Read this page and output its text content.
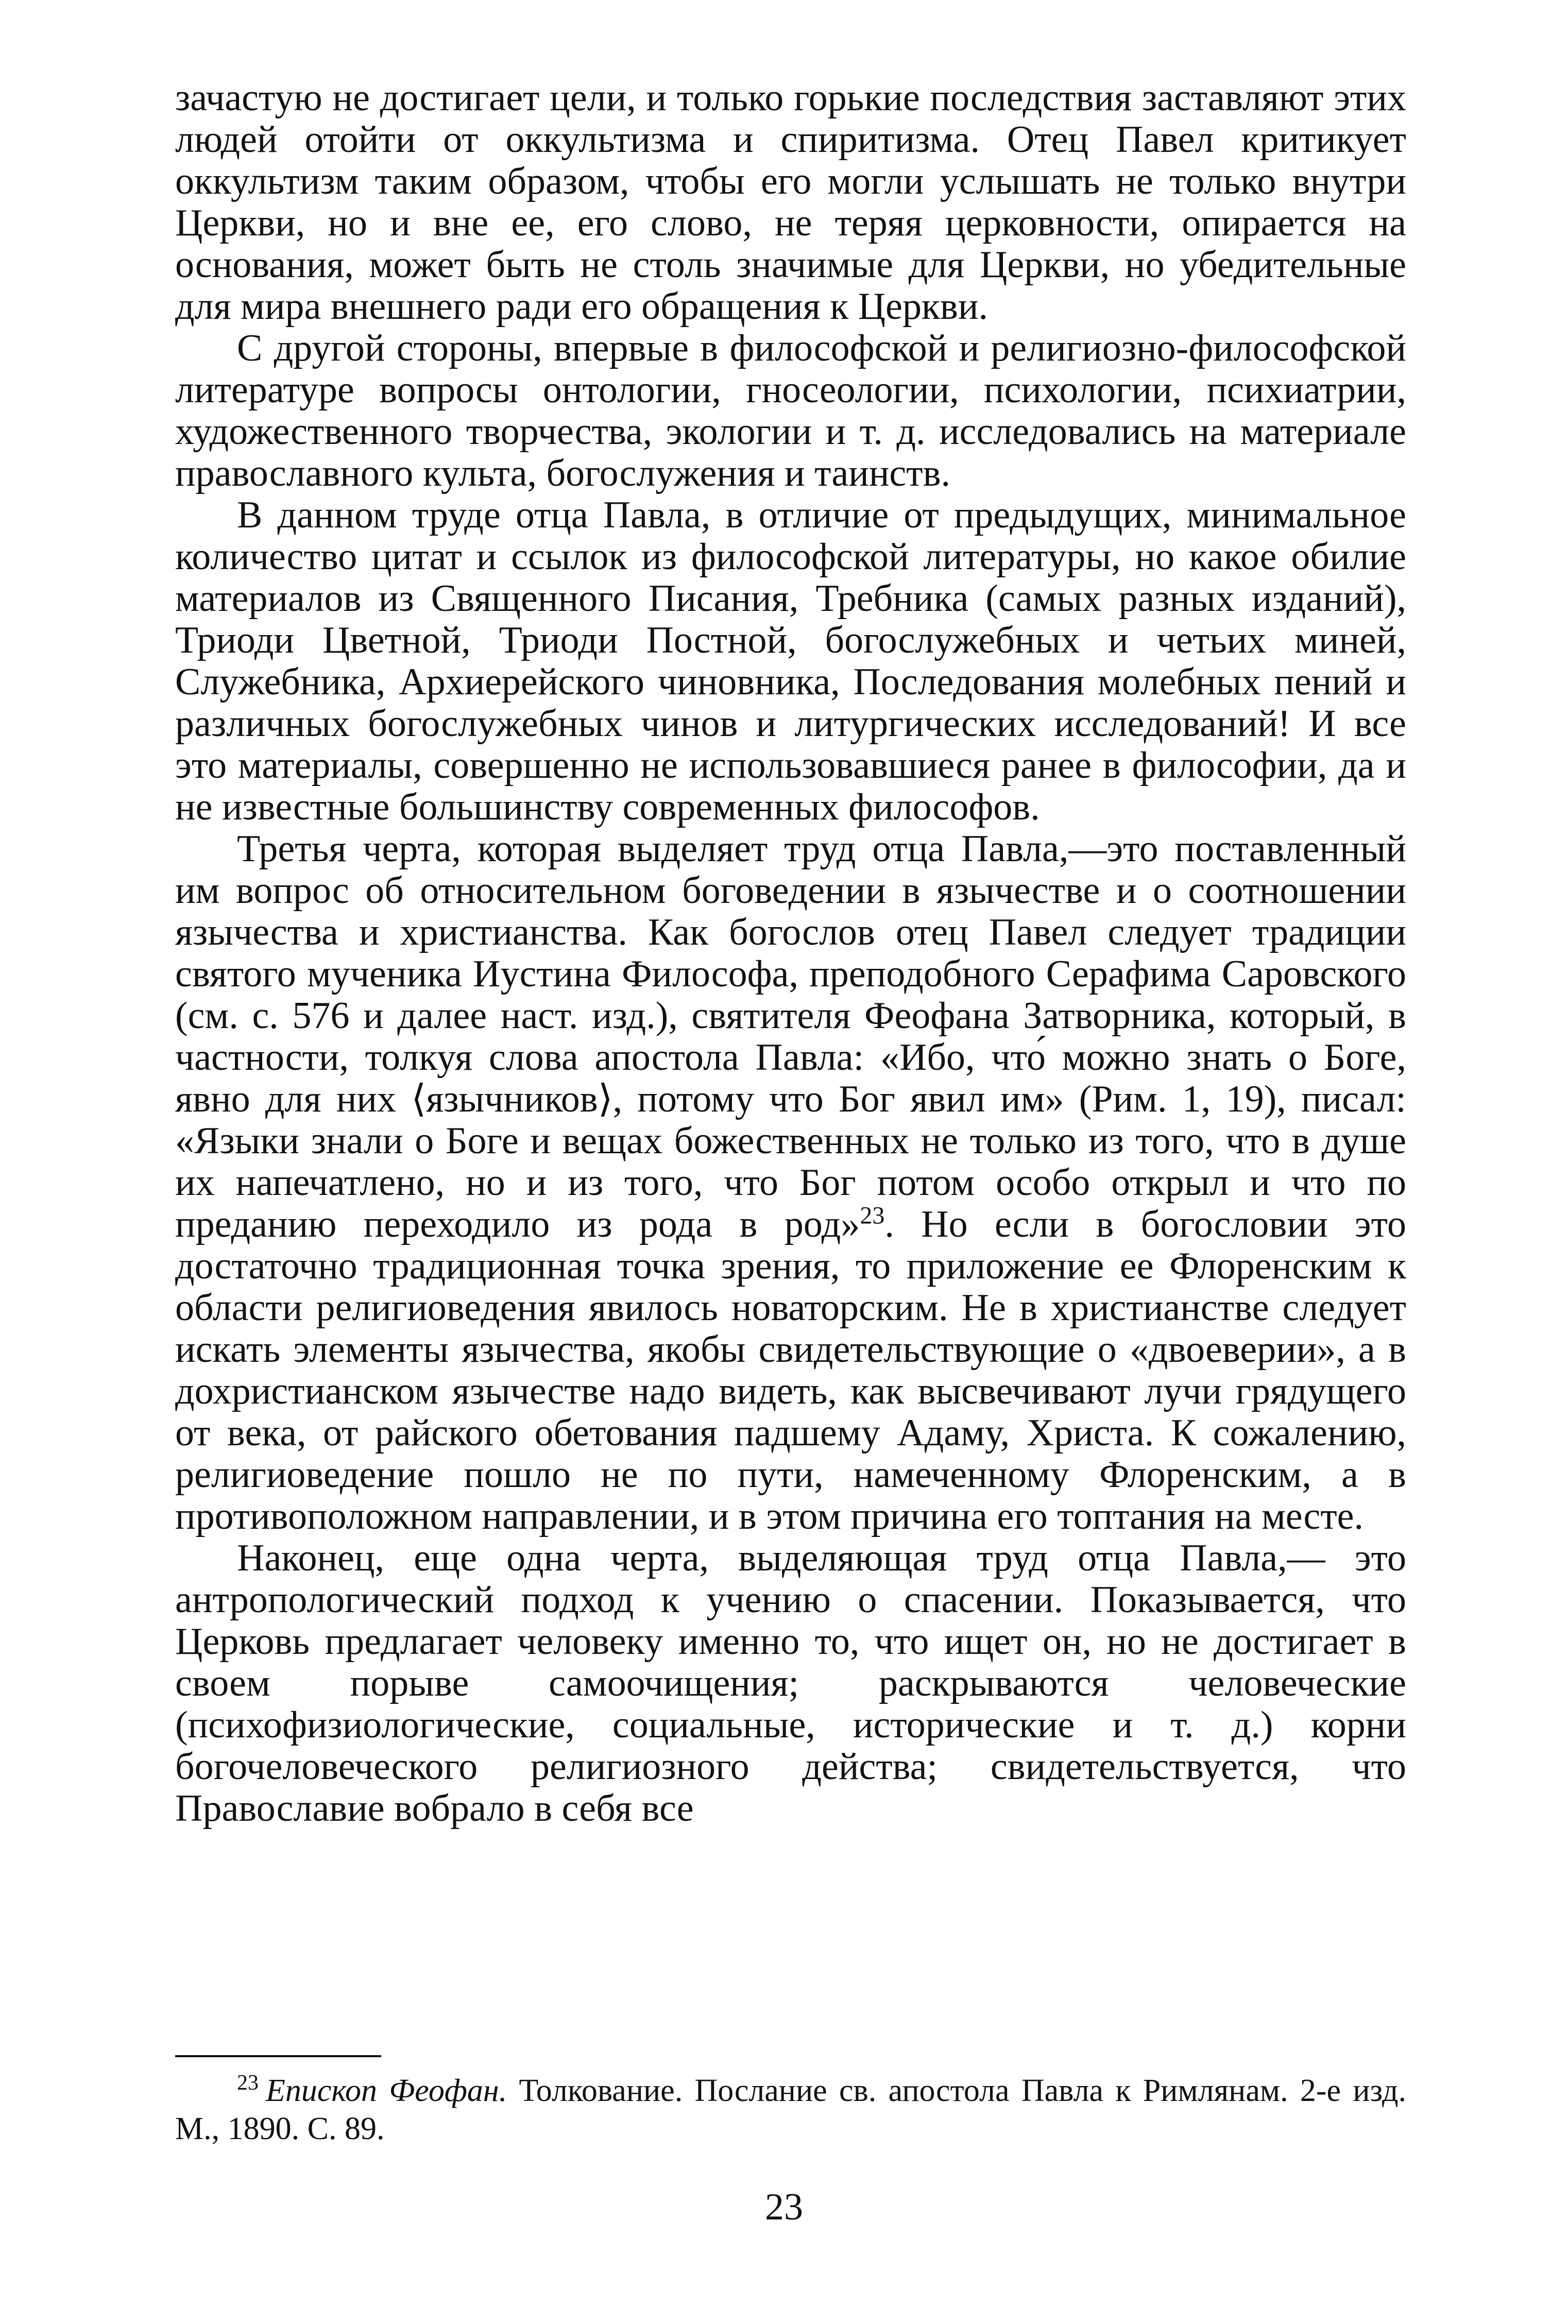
зачастую не достигает цели, и только горькие последствия заставляют этих людей отойти от оккультизма и спиритизма. Отец Павел критикует оккультизм таким образом, чтобы его могли услышать не только внутри Церкви, но и вне ее, его слово, не теряя церковности, опирается на основания, может быть не столь значимые для Церкви, но убедительные для мира внешнего ради его обращения к Церкви.

С другой стороны, впервые в философской и религиозно-философской литературе вопросы онтологии, гносеологии, психологии, психиатрии, художественного творчества, экологии и т. д. исследовались на материале православного культа, богослужения и таинств.

В данном труде отца Павла, в отличие от предыдущих, минимальное количество цитат и ссылок из философской литературы, но какое обилие материалов из Священного Писания, Требника (самых разных изданий), Триоди Цветной, Триоди Постной, богослужебных и четьих миней, Служебника, Архиерейского чиновника, Последования молебных пений и различных богослужебных чинов и литургических исследований! И все это материалы, совершенно не использовавшиеся ранее в философии, да и не известные большинству современных философов.

Третья черта, которая выделяет труд отца Павла,—это поставленный им вопрос об относительном боговедении в язычестве и о соотношении язычества и христианства. Как богослов отец Павел следует традиции святого мученика Иустина Философа, преподобного Серафима Саровского (см. с. 576 и далее наст. изд.), святителя Феофана Затворника, который, в частности, толкуя слова апостола Павла: «Ибо, что́ можно знать о Боге, явно для них ⟨язычников⟩, потому что Бог явил им» (Рим. 1, 19), писал: «Языки знали о Боге и вещах божественных не только из того, что в душе их напечатлено, но и из того, что Бог потом особо открыл и что по преданию переходило из рода в род»$^{23}$. Но если в богословии это достаточно традиционная точка зрения, то приложение ее Флоренским к области религиоведения явилось новаторским. Не в христианстве следует искать элементы язычества, якобы свидетельствующие о «двоеверии», а в дохристианском язычестве надо видеть, как высвечивают лучи грядущего от века, от райского обетования падшему Адаму, Христа. К сожалению, религиоведение пошло не по пути, намеченному Флоренским, а в противоположном направлении, и в этом причина его топтания на месте.

Наконец, еще одна черта, выделяющая труд отца Павла,— это антропологический подход к учению о спасении. Показывается, что Церковь предлагает человеку именно то, что ищет он, но не достигает в своем порыве самоочищения; раскрываются человеческие (психофизиологические, социальные, исторические и т. д.) корни богочеловеческого религиозного действа; свидетельствуется, что Православие вобрало в себя все

$^{23}$ Епископ Феофан. Толкование. Послание св. апостола Павла к Римлянам. 2-е изд. М., 1890. С. 89.

23
